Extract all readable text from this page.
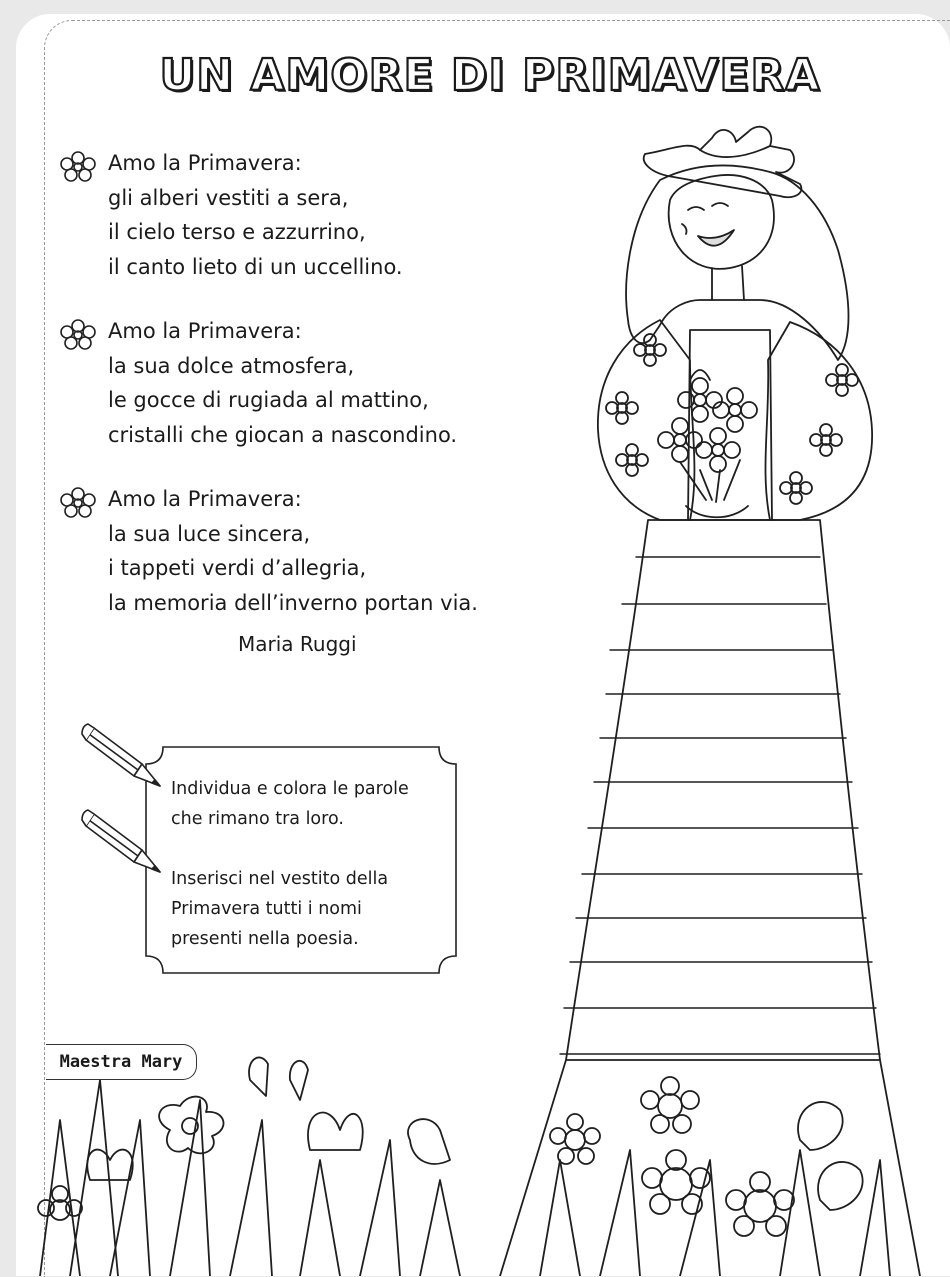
UN AMORE DI PRIMAVERA
Amo la Primavera:
gli alberi vestiti a sera,
il cielo terso e azzurrino,
il canto lieto di un uccellino.
Amo la Primavera:
la sua dolce atmosfera,
le gocce di rugiada al mattino,
cristalli che giocan a nascondino.
Amo la Primavera:
la sua luce sincera,
i tappeti verdi d’allegria,
la memoria dell’inverno portan via.
Maria Ruggi
Individua e colora le parole
che rimano tra loro.
Inserisci nel vestito della
Primavera tutti i nomi
presenti nella poesia.
Maestra Mary
